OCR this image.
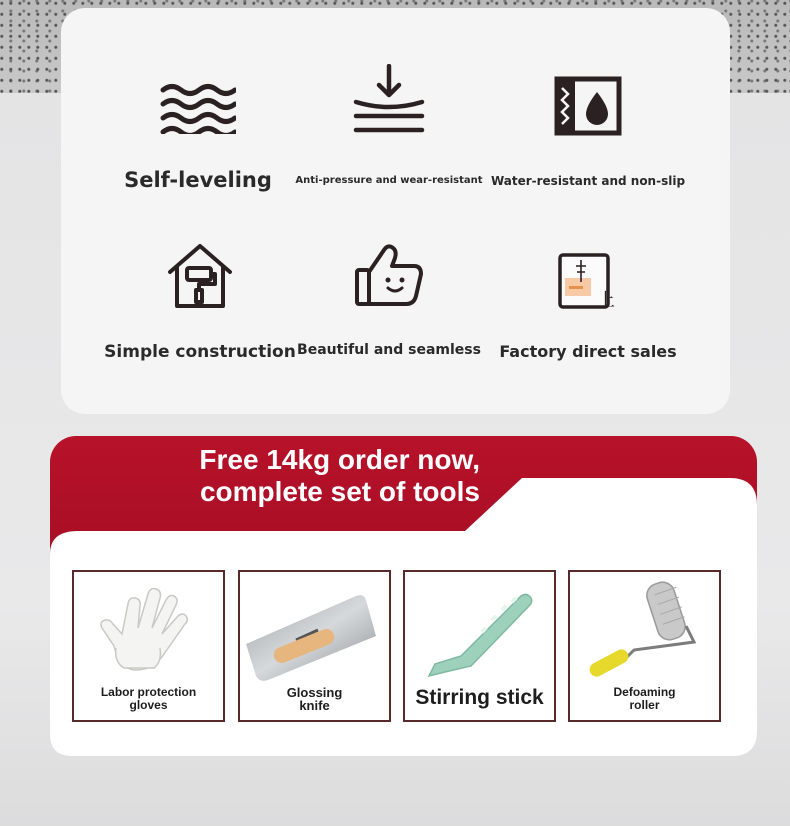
Self-leveling	Anti-pressure and wear-resistant Water-resistant and non-slip
Simple construction Beautiful and seamless
上
Factory direct sales
Free 14kg order now,
complete set of tools
Labor protection
gloves
Glossing
knife	Stirring stick	Defoaming
roller
